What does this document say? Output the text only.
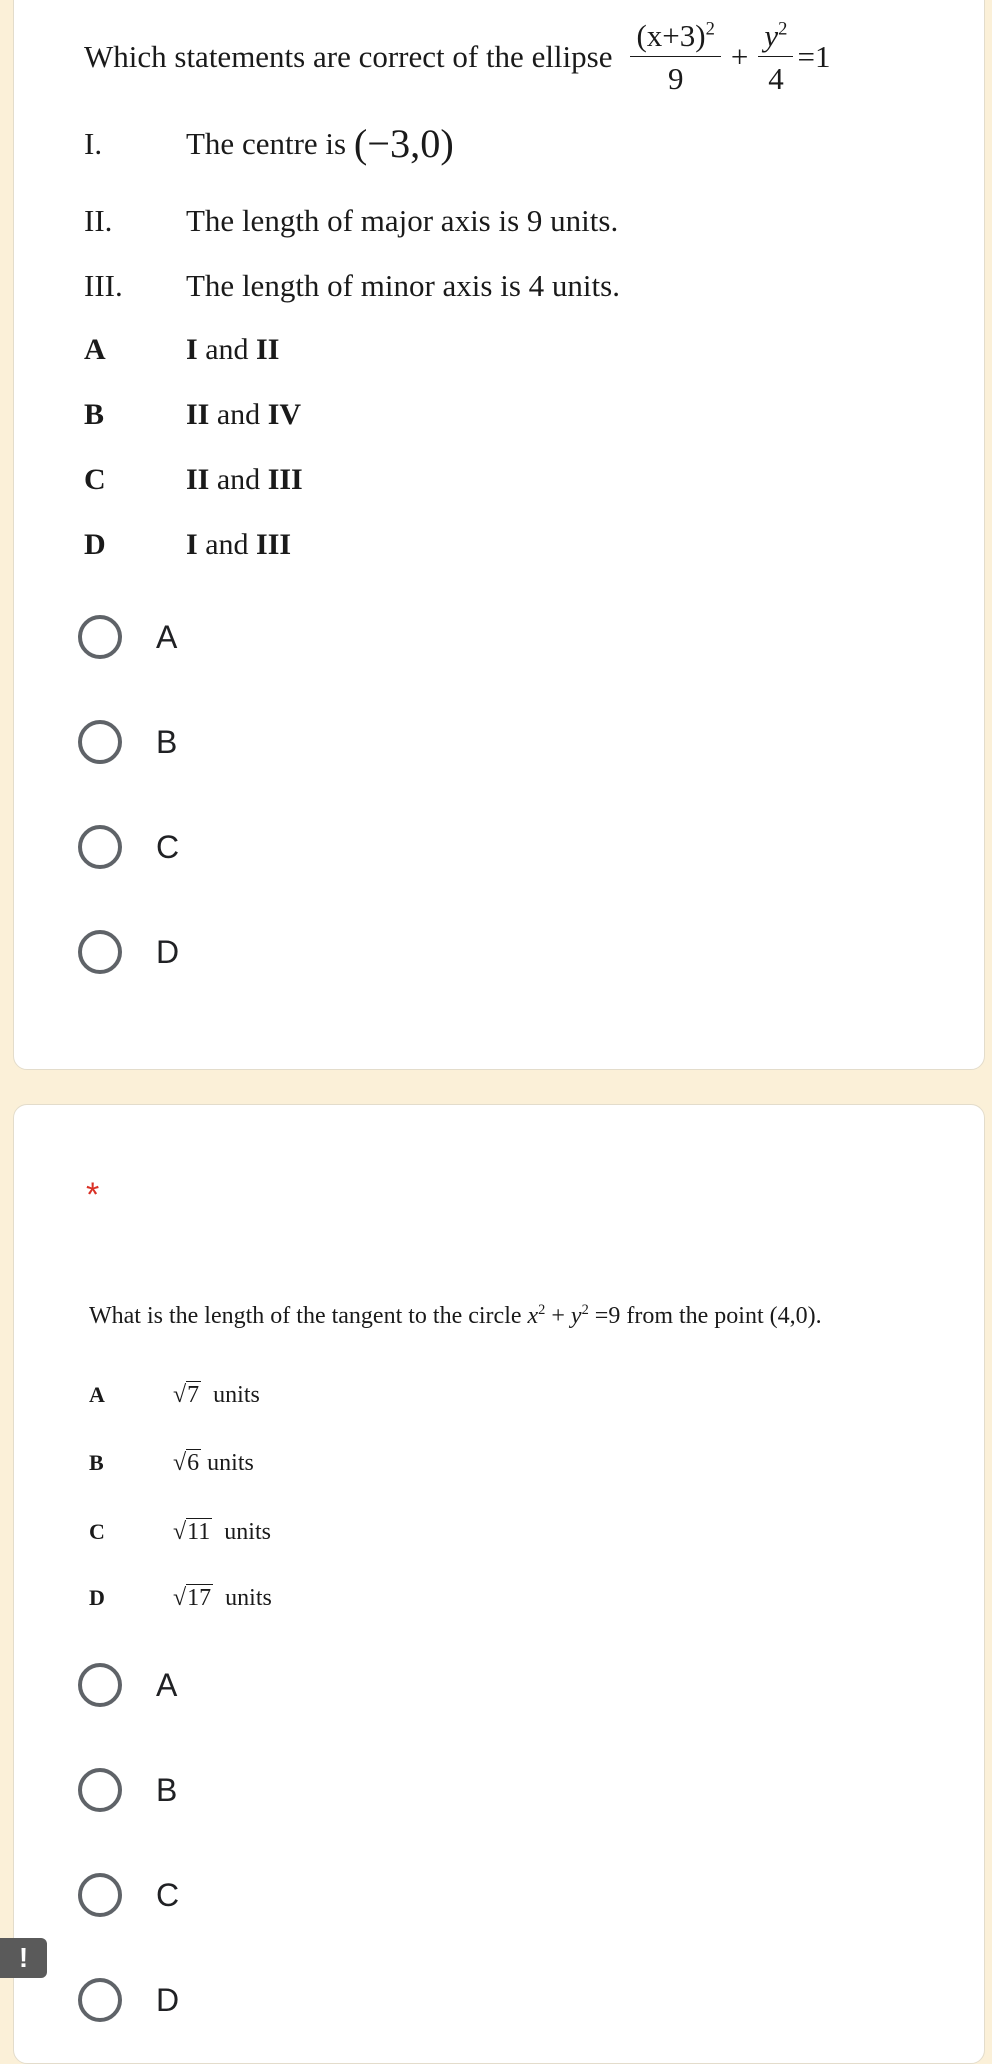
Which statements are correct of the ellipse $\frac{(x+3)^2}{9} + \frac{y^2}{4} =1$
I.	The centre is (−3,0)
II. The length of major axis is 9 units.
III. The length of minor axis is 4 units.
A	I and II
B	II and IV
C	II and III
D	I and III
A
B
C
D
*
What is the length of the tangent to the circle $x^2 + y^2 =9$ from the point (4,0).
A	√7 units
B	√6 units
C	√11 units
D	√17 units
A
B
C
D
!
